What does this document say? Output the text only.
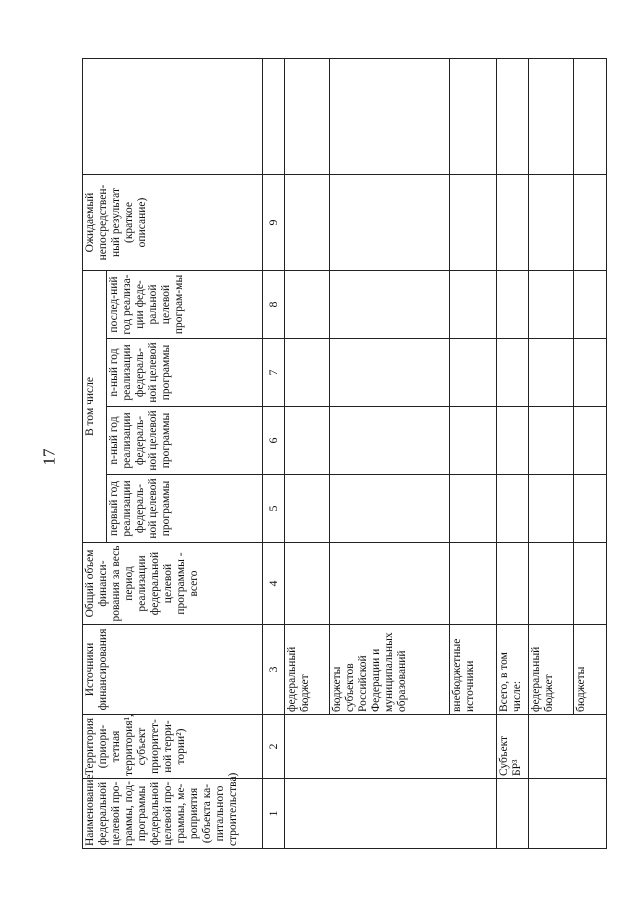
17
Наименование федеральной целевой про-граммы, под-программы федеральной целевой про-граммы, ме-роприятия (объекта ка-питального строительства)	Территория (приори-тетная территория¹, субъект приоритет-ной терри-тории²)	Источники финансирования	Общий объем финанси-рования за весь период реализации федеральной целевой программы - всего	В том числе				Ожидаемый непосредствен-ный результат (краткое описание)	
				первый год реализации федераль-ной целевой программы	n-ный год реализации федераль-ной целевой программы	n-ный год реализации федераль-ной целевой программы	послед-ний год реализа-ции феде-ральной целевой програм-мы		
1	2	3	4	5	6	7	8	9	
		федеральный бюджет							
		бюджеты субъектов Российской Федерации и муниципальных образований							
		внебюджетные источники							
	Субъект БР³	Всего, в том числе:							
		федеральный бюджет							
		бюджеты							
